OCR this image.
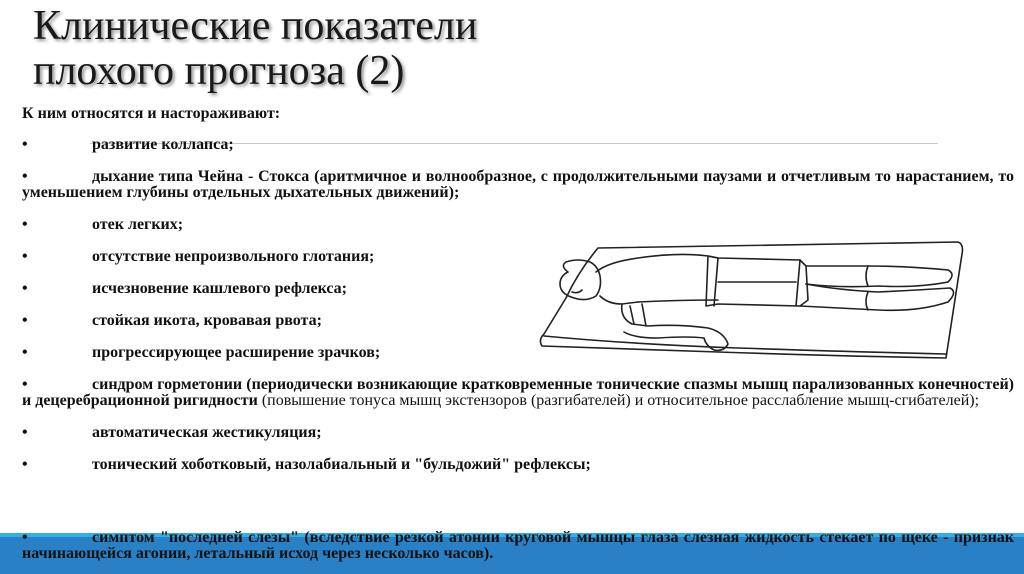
Клинические показатели
плохого прогноза (2)

К ним относятся и настораживают:

•	развитие коллапса;

•	дыхание типа Чейна - Стокса (аритмичное и волнообразное, с продолжительными паузами и отчетливым то нарастанием, то уменьшением глубины отдельных дыхательных движений);

•	отек легких;

•	отсутствие непроизвольного глотания;

•	исчезновение кашлевого рефлекса;

•	стойкая икота, кровавая рвота;

•	прогрессирующее расширение зрачков;

•	синдром горметонии (периодически возникающие кратковременные тонические спазмы мышц парализованных конечностей) и децеребрационной ригидности (повышение тонуса мышц экстензоров (разгибателей) и относительное расслабление мышц-сгибателей);

•	автоматическая жестикуляция;

•	тонический хоботковый, назолабиальный и "бульдожий" рефлексы;

•	симптом "последней слезы" (вследствие резкой атонии круговой мышцы глаза слезная жидкость стекает по щеке - признак начинающейся агонии, летальный исход через несколько часов).
